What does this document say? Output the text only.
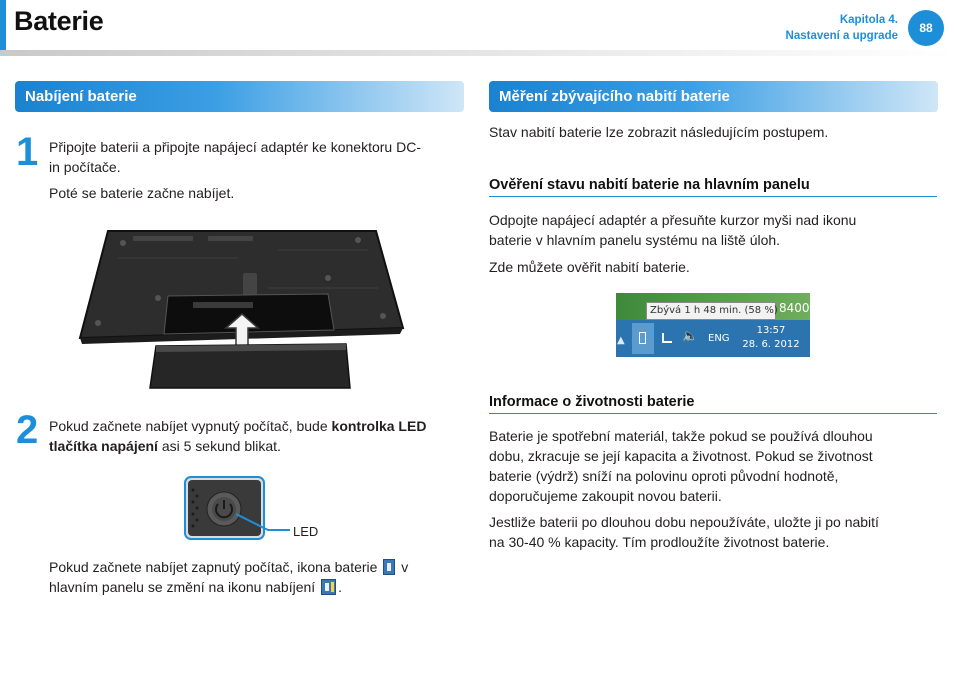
Baterie	Kapitola 4.
Nastavení a upgrade
88
Nabíjení baterie
1 Připojte baterii a připojte napájecí adaptér ke konektoru DC-
in počítače.
Poté se baterie začne nabíjet.
2 Pokud začnete nabíjet vypnutý počítač, bude kontrolka LED
tlačítka napájení asi 5 sekund blikat.
LED
Pokud začnete nabíjet zapnutý počítač, ikona baterie  v
hlavním panelu se změní na ikonu nabíjení .
Měření zbývajícího nabití baterie
Stav nabití baterie lze zobrazit následujícím postupem.
Ověření stavu nabití baterie na hlavním panelu
Odpojte napájecí adaptér a přesuňte kurzor myši nad ikonu
baterie v hlavním panelu systému na liště úloh.
Zde můžete ověřit nabití baterie.
8400
Zbývá 1 h 48 min. (58 %)
▲	🔈 ENG
13:57
28. 6. 2012
Informace o životnosti baterie
Baterie je spotřební materiál, takže pokud se používá dlouhou
dobu, zkracuje se její kapacita a životnost. Pokud se životnost
baterie (výdrž) sníží na polovinu oproti původní hodnotě,
doporučujeme zakoupit novou baterii.
Jestliže baterii po dlouhou dobu nepoužíváte, uložte ji po nabití
na 30-40 % kapacity. Tím prodloužíte životnost baterie.
